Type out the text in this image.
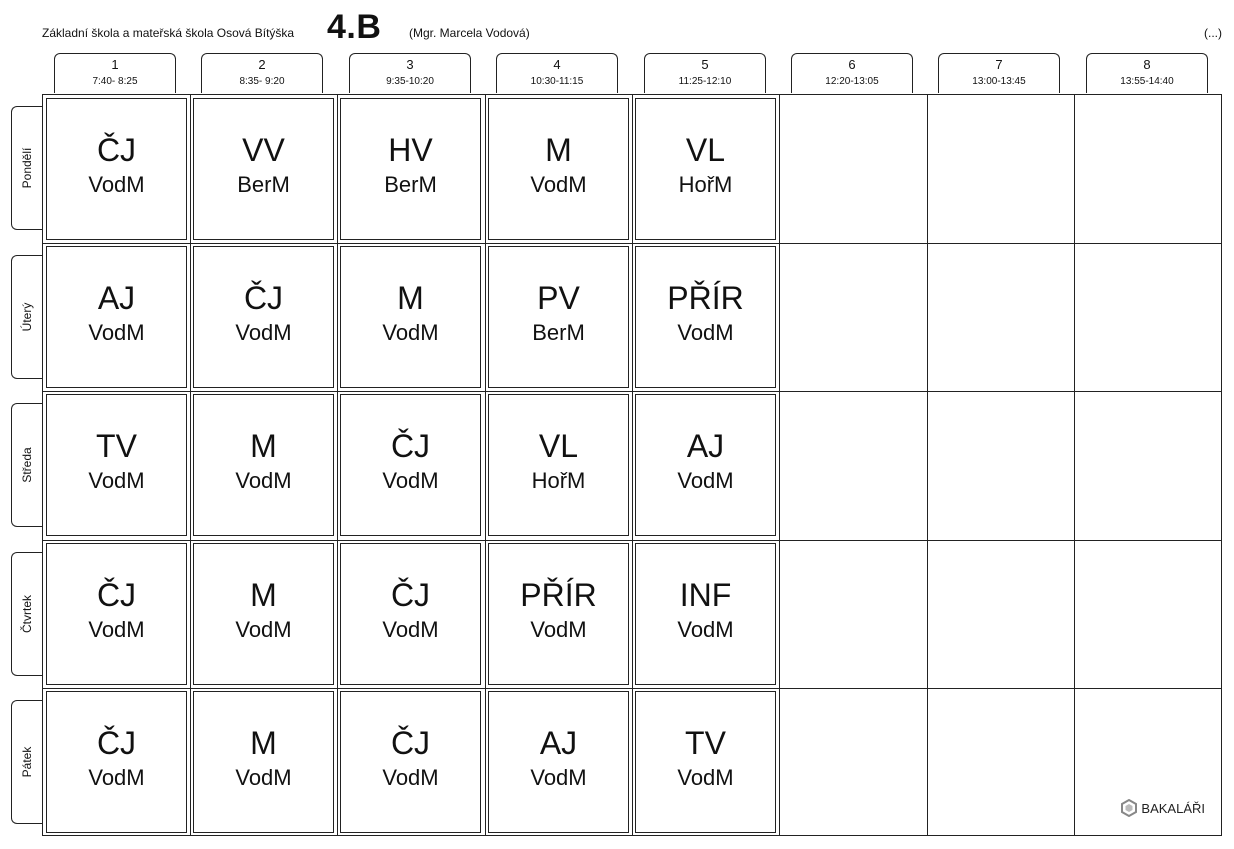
Základní škola a mateřská škola Osová Bítýška 4.B (Mgr. Marcela Vodová)	(...)
1
7:40- 8:25
2
8:35- 9:20
3
9:35-10:20
4
10:30-11:15
5
11:25-12:10
6
12:20-13:05
7
13:00-13:45
8
13:55-14:40
Pondělí
Úterý
Středa
Čtvrtek
Pátek
ČJ
VodM
VV
BerM
HV
BerM
M
VodM
VL
HořM
AJ
VodM
ČJ
VodM
M
VodM
PV
BerM
PŘÍR
VodM
TV
VodM
M
VodM
ČJ
VodM
VL
HořM
AJ
VodM
ČJ
VodM
M
VodM
ČJ
VodM
PŘÍR
VodM
INF
VodM
ČJ
VodM
M
VodM
ČJ
VodM
AJ
VodM
TV
VodM
BAKALÁŘI
